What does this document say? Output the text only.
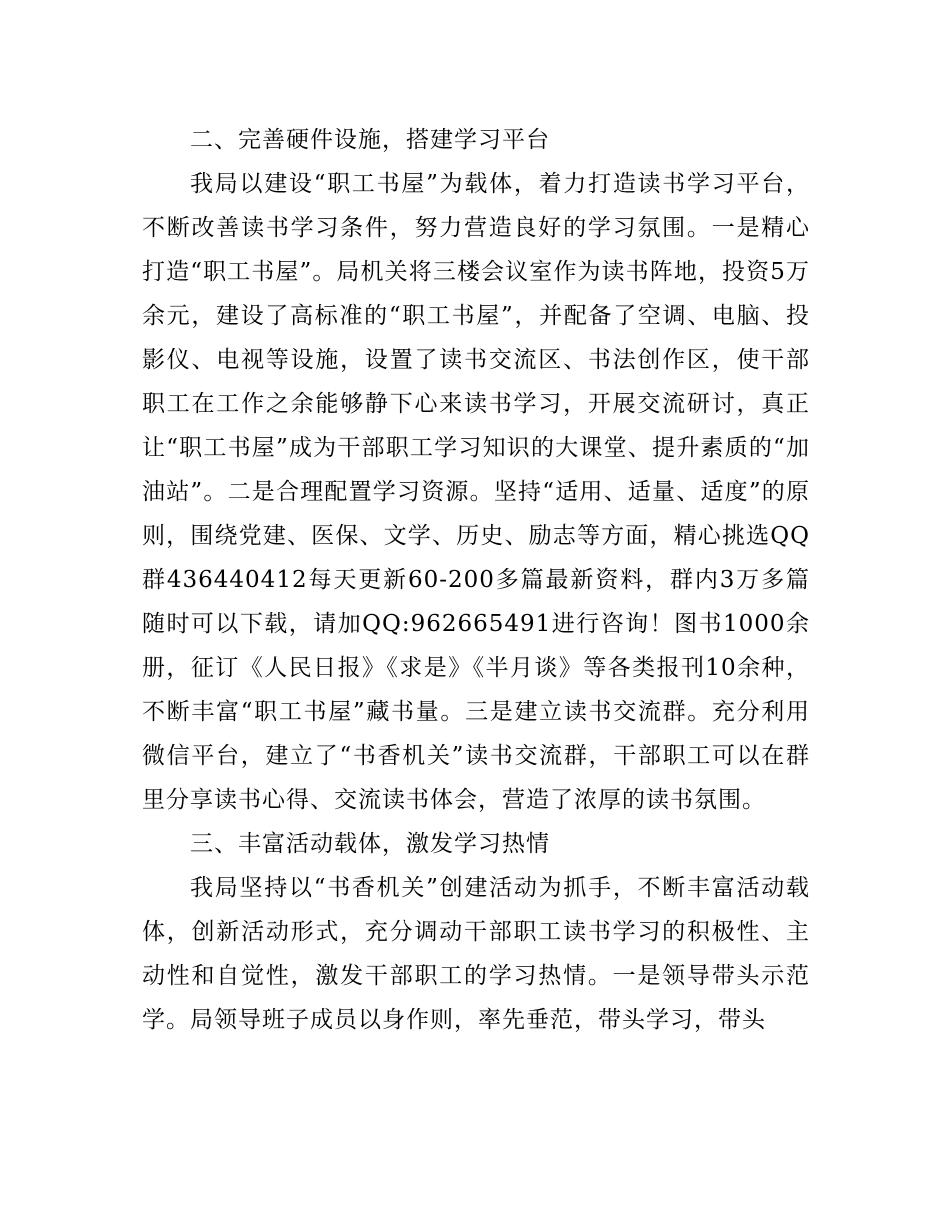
二、完善硬件设施，搭建学习平台

我局以建设“职工书屋”为载体，着力打造读书学习平台，不断改善读书学习条件，努力营造良好的学习氛围。一是精心打造“职工书屋”。局机关将三楼会议室作为读书阵地，投资5万余元，建设了高标准的“职工书屋”，并配备了空调、电脑、投影仪、电视等设施，设置了读书交流区、书法创作区，使干部职工在工作之余能够静下心来读书学习，开展交流研讨，真正让“职工书屋”成为干部职工学习知识的大课堂、提升素质的“加油站”。二是合理配置学习资源。坚持“适用、适量、适度”的原则，围绕党建、医保、文学、历史、励志等方面，精心挑选QQ群436440412每天更新60-200多篇最新资料，群内3万多篇随时可以下载，请加QQ:962665491进行咨询！图书1000余册，征订《人民日报》《求是》《半月谈》等各类报刊10余种，不断丰富“职工书屋”藏书量。三是建立读书交流群。充分利用微信平台，建立了“书香机关”读书交流群，干部职工可以在群里分享读书心得、交流读书体会，营造了浓厚的读书氛围。

三、丰富活动载体，激发学习热情

我局坚持以“书香机关”创建活动为抓手，不断丰富活动载体，创新活动形式，充分调动干部职工读书学习的积极性、主动性和自觉性，激发干部职工的学习热情。一是领导带头示范学。局领导班子成员以身作则，率先垂范，带头学习，带头
